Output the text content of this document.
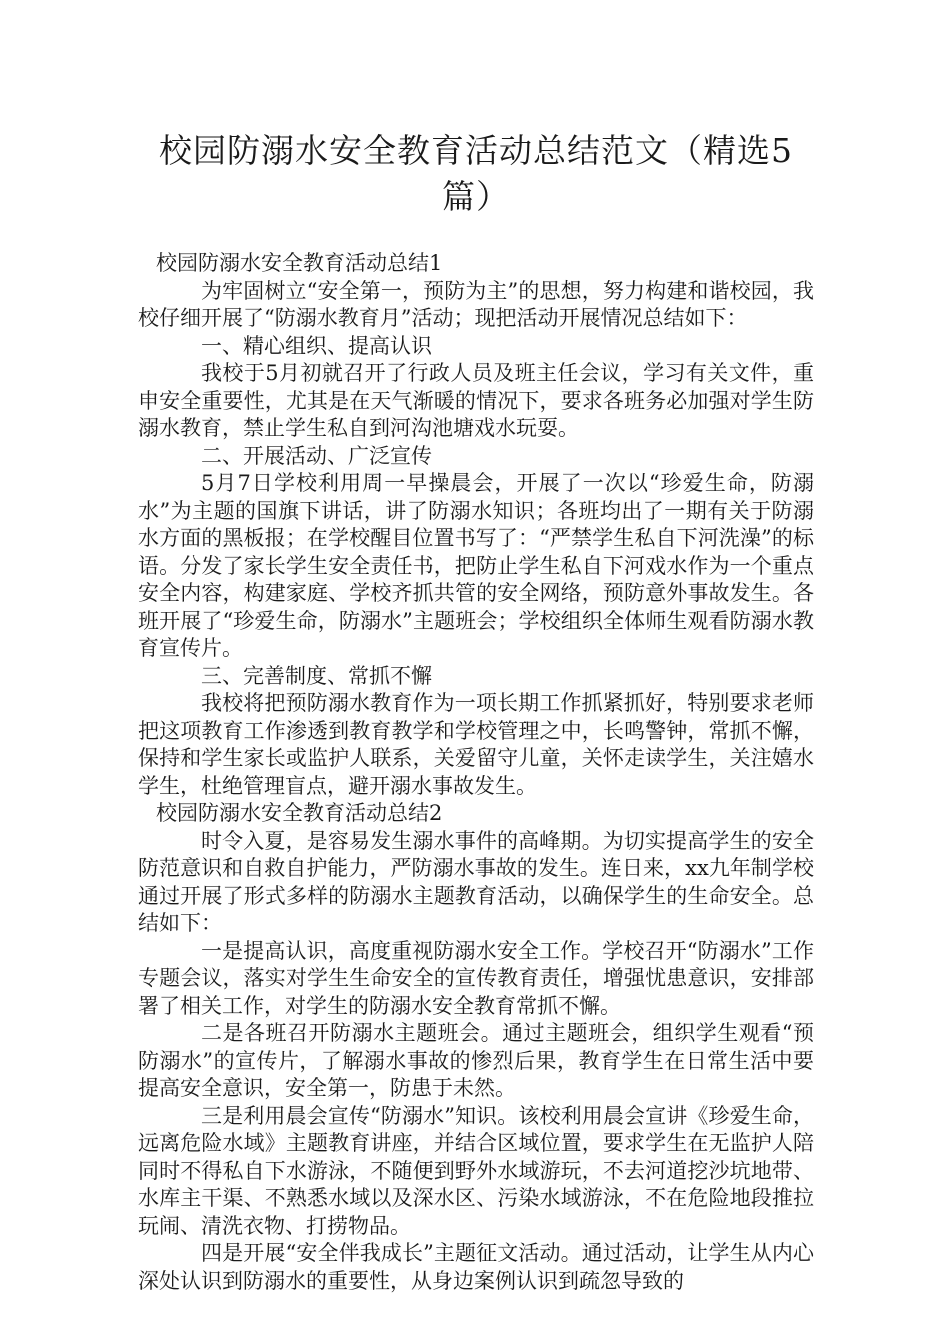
校园防溺水安全教育活动总结范文（精选5篇）
校园防溺水安全教育活动总结1
为牢固树立“安全第一，预防为主”的思想，努力构建和谐校园，我校仔细开展了“防溺水教育月”活动；现把活动开展情况总结如下：
一、精心组织、提高认识
我校于5月初就召开了行政人员及班主任会议，学习有关文件，重申安全重要性，尤其是在天气渐暖的情况下，要求各班务必加强对学生防溺水教育，禁止学生私自到河沟池塘戏水玩耍。
二、开展活动、广泛宣传
5月7日学校利用周一早操晨会，开展了一次以“珍爱生命，防溺水”为主题的国旗下讲话，讲了防溺水知识；各班均出了一期有关于防溺水方面的黑板报；在学校醒目位置书写了：“严禁学生私自下河洗澡”的标语。分发了家长学生安全责任书，把防止学生私自下河戏水作为一个重点安全内容，构建家庭、学校齐抓共管的安全网络，预防意外事故发生。各班开展了“珍爱生命，防溺水”主题班会；学校组织全体师生观看防溺水教育宣传片。
三、完善制度、常抓不懈
我校将把预防溺水教育作为一项长期工作抓紧抓好，特别要求老师把这项教育工作渗透到教育教学和学校管理之中，长鸣警钟，常抓不懈，保持和学生家长或监护人联系，关爱留守儿童，关怀走读学生，关注嬉水学生，杜绝管理盲点，避开溺水事故发生。
校园防溺水安全教育活动总结2
时令入夏，是容易发生溺水事件的高峰期。为切实提高学生的安全防范意识和自救自护能力，严防溺水事故的发生。连日来，xx九年制学校通过开展了形式多样的防溺水主题教育活动，以确保学生的生命安全。总结如下：
一是提高认识，高度重视防溺水安全工作。学校召开“防溺水”工作专题会议，落实对学生生命安全的宣传教育责任，增强忧患意识，安排部署了相关工作，对学生的防溺水安全教育常抓不懈。
二是各班召开防溺水主题班会。通过主题班会，组织学生观看“预防溺水”的宣传片，了解溺水事故的惨烈后果，教育学生在日常生活中要提高安全意识，安全第一，防患于未然。
三是利用晨会宣传“防溺水”知识。该校利用晨会宣讲《珍爱生命，远离危险水域》主题教育讲座，并结合区域位置，要求学生在无监护人陪同时不得私自下水游泳，不随便到野外水域游玩，不去河道挖沙坑地带、水库主干渠、不熟悉水域以及深水区、污染水域游泳，不在危险地段推拉玩闹、清洗衣物、打捞物品。
四是开展“安全伴我成长”主题征文活动。通过活动，让学生从内心深处认识到防溺水的重要性，从身边案例认识到疏忽导致的
